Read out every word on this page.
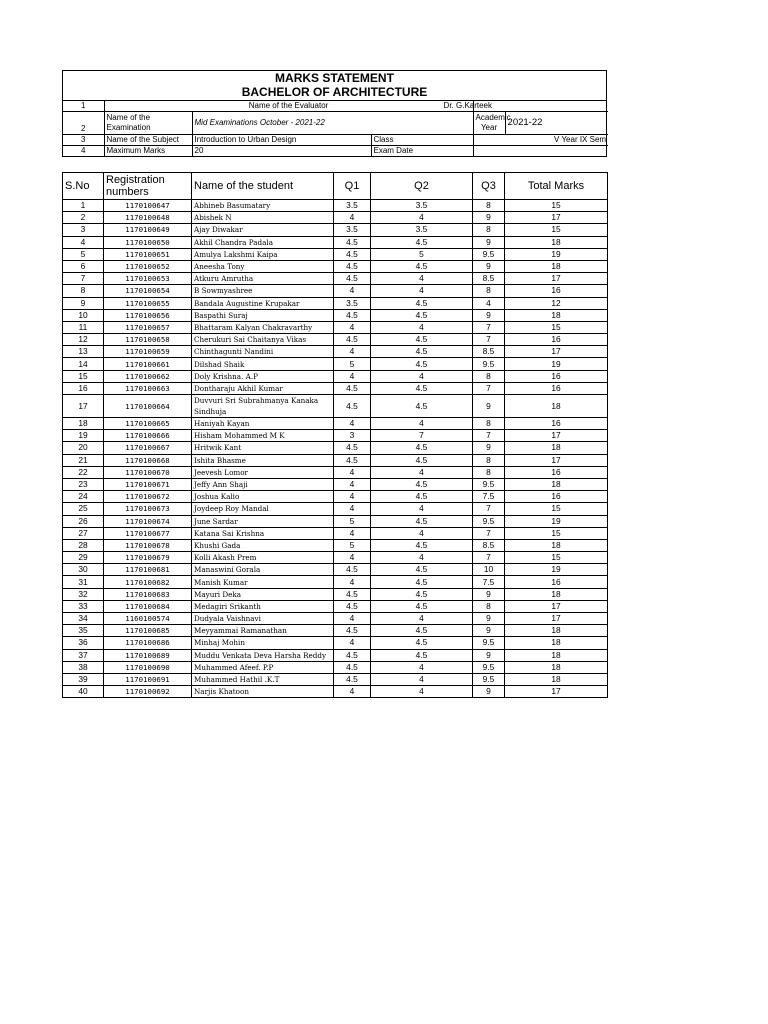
MARKS STATEMENT
BACHELOR OF ARCHITECTURE
1	Name of the Evaluator			Dr. G.Karteek	
2	Name of the Examination	Mid Examinations October - 2021-22		Academic Year	2021-22
3	Name of the Subject	Introduction to Urban Design	Class	V Year IX Sem	
4	Maximum Marks	20	Exam Date		
S.No	Registration numbers	Name of the student	Q1	Q2	Q3	Total Marks
1	1170100647	Abhineb Basumatary	3.5	3.5	8	15
2	1170100648	Abishek N	4	4	9	17
3	1170100649	Ajay Diwakar	3.5	3.5	8	15
4	1170100650	Akhil Chandra Padala	4.5	4.5	9	18
5	1170100651	Amulya Lakshmi Kaipa	4.5	5	9.5	19
6	1170100652	Aneesha Tony	4.5	4.5	9	18
7	1170100653	Atkuru Amrutha	4.5	4	8.5	17
8	1170100654	B Sowmyashree	4	4	8	16
9	1170100655	Bandala Augustine Krupakar	3.5	4.5	4	12
10	1170100656	Baspathi Suraj	4.5	4.5	9	18
11	1170100657	Bhattaram Kalyan Chakravarthy	4	4	7	15
12	1170100658	Cherukuri Sai Chaitanya Vikas	4.5	4.5	7	16
13	1170100659	Chinthagunti Nandini	4	4.5	8.5	17
14	1170100661	Dilshad Shaik	5	4.5	9.5	19
15	1170100662	Doly Krishna. A.P	4	4	8	16
16	1170100663	Dontharaju Akhil Kumar	4.5	4.5	7	16
17	1170100664	Duvvuri Sri Subrahmanya Kanaka Sindhuja	4.5	4.5	9	18
18	1170100665	Haniyah Kayan	4	4	8	16
19	1170100666	Hisham Mohammed M K	3	7	7	17
20	1170100667	Hritwik Kant	4.5	4.5	9	18
21	1170100668	Ishita Bhasme	4.5	4.5	8	17
22	1170100670	Jeevesh Lomor	4	4	8	16
23	1170100671	Jeffy Ann Shaji	4	4.5	9.5	18
24	1170100672	Joshua Kalio	4	4.5	7.5	16
25	1170100673	Joydeep Roy Mandal	4	4	7	15
26	1170100674	June Sardar	5	4.5	9.5	19
27	1170100677	Katana Sai Krishna	4	4	7	15
28	1170100678	Khushi Gada	5	4.5	8.5	18
29	1170100679	Kolli Akash Prem	4	4	7	15
30	1170100681	Manaswini Gorala	4.5	4.5	10	19
31	1170100682	Manish Kumar	4	4.5	7.5	16
32	1170100683	Mayuri Deka	4.5	4.5	9	18
33	1170100684	Medagiri Srikanth	4.5	4.5	8	17
34	1160100574	Dudyala Vaishnavi	4	4	9	17
35	1170100685	Meyyammai Ramanathan	4.5	4.5	9	18
36	1170100686	Minhaj Mohin	4	4.5	9.5	18
37	1170100689	Muddu Venkata Deva Harsha Reddy	4.5	4.5	9	18
38	1170100690	Muhammed Afeef. P.P	4.5	4	9.5	18
39	1170100691	Muhammed Hathil .K.T	4.5	4	9.5	18
40	1170100692	Narjis Khatoon	4	4	9	17
